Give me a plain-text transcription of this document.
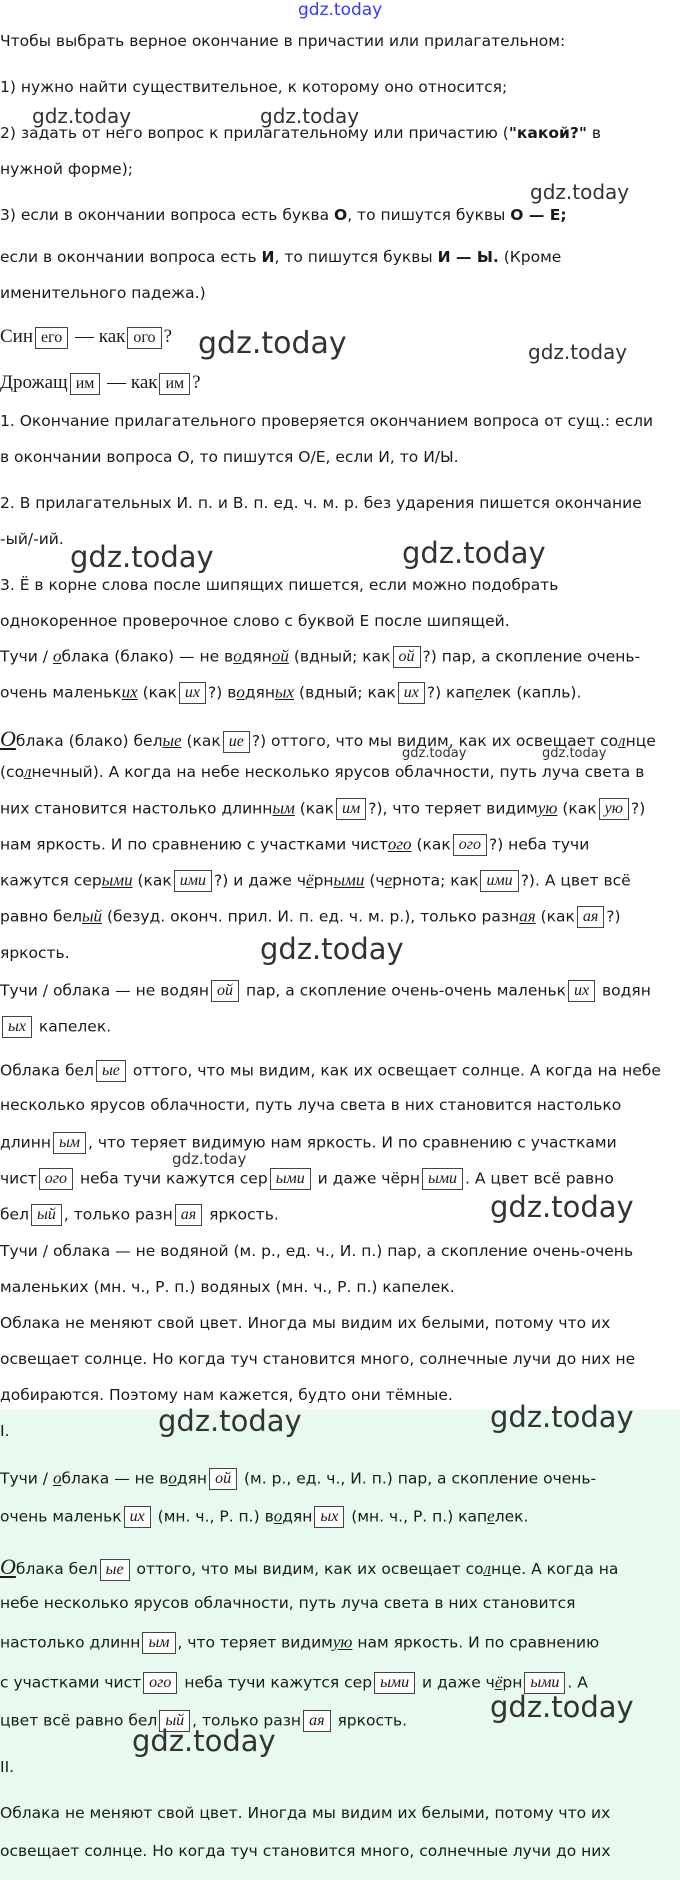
gdz.today
gdz.today	gdz.today
gdz.today
gdz.today	gdz.today
gdz.today	gdz.today
gdz.today	gdz.today
gdz.today
gdz.today
gdz.today
Чтобы выбрать верное окончание в причастии или прилагательном:
1) нужно найти существительное, к которому оно относится;
2) задать от него вопрос к прилагательному или причастию ("какой?" в
нужной форме);
3) если в окончании вопроса есть буква О, то пишутся буквы О — Е;
если в окончании вопроса есть И, то пишутся буквы И — Ы. (Кроме
именительного падежа.)
Син его — как ого ?
Дрожащ им — как им ?
1. Окончание прилагательного проверяется окончанием вопроса от сущ.: если
в окончании вопроса О, то пишутся О/Е, если И, то И/Ы.
2. В прилагательных И. п. и В. п. ед. ч. м. р. без ударения пишется окончание
-ый/-ий.
3. Ё в корне слова после шипящих пишется, если можно подобрать
однокоренное проверочное слово с буквой Е после шипящей.
Тучи / облака (блако) — не водяной (вдный; как ой ?) пар, а скопление очень-
очень маленьких (как их ?) водяных (вдный; как их ?) капелек (капль).
Облака (блако) белые (как ие ?) оттого, что мы видим, как их освещает солнце
(солнечный). А когда на небе несколько ярусов облачности, путь луча света в
них становится настолько длинным (как им ?), что теряет видимую (как ую ?)
нам яркость. И по сравнению с участками чистого (как ого ?) неба тучи
кажутся серыми (как ими ?) и даже чёрными (чернота; как ими ?). А цвет всё
равно белый (безуд. оконч. прил. И. п. ед. ч. м. р.), только разная (как ая ?)
яркость.
Тучи / облака — не водян ой пар, а скопление очень-очень маленьк их водян
ых капелек.
Облака бел ые оттого, что мы видим, как их освещает солнце. А когда на небе
несколько ярусов облачности, путь луча света в них становится настолько
длинн ым , что теряет видимую нам яркость. И по сравнению с участками
чист ого неба тучи кажутся сер ыми и даже чёрн ыми . А цвет всё равно
бел ый , только разн ая яркость.
Тучи / облака — не водяной (м. р., ед. ч., И. п.) пар, а скопление очень-очень
маленьких (мн. ч., Р. п.) водяных (мн. ч., Р. п.) капелек.
Облака не меняют свой цвет. Иногда мы видим их белыми, потому что их
освещает солнце. Но когда туч становится много, солнечные лучи до них не
добираются. Поэтому нам кажется, будто они тёмные.
gdz.today	gdz.today
I.
Тучи / облака — не водян ой (м. р., ед. ч., И. п.) пар, а скопление очень-
очень маленьк их (мн. ч., Р. п.) водян ых (мн. ч., Р. п.) капелек.
Облака бел ые оттого, что мы видим, как их освещает солнце. А когда на
небе несколько ярусов облачности, путь луча света в них становится
настолько длинн ым , что теряет видимую нам яркость. И по сравнению
с участками чист ого неба тучи кажутся сер ыми и даже чёрн ыми . А
цвет всё равно бел ый , только разн ая яркость.	gdz.today
gdz.today
II.
Облака не меняют свой цвет. Иногда мы видим их белыми, потому что их
освещает солнце. Но когда туч становится много, солнечные лучи до них
